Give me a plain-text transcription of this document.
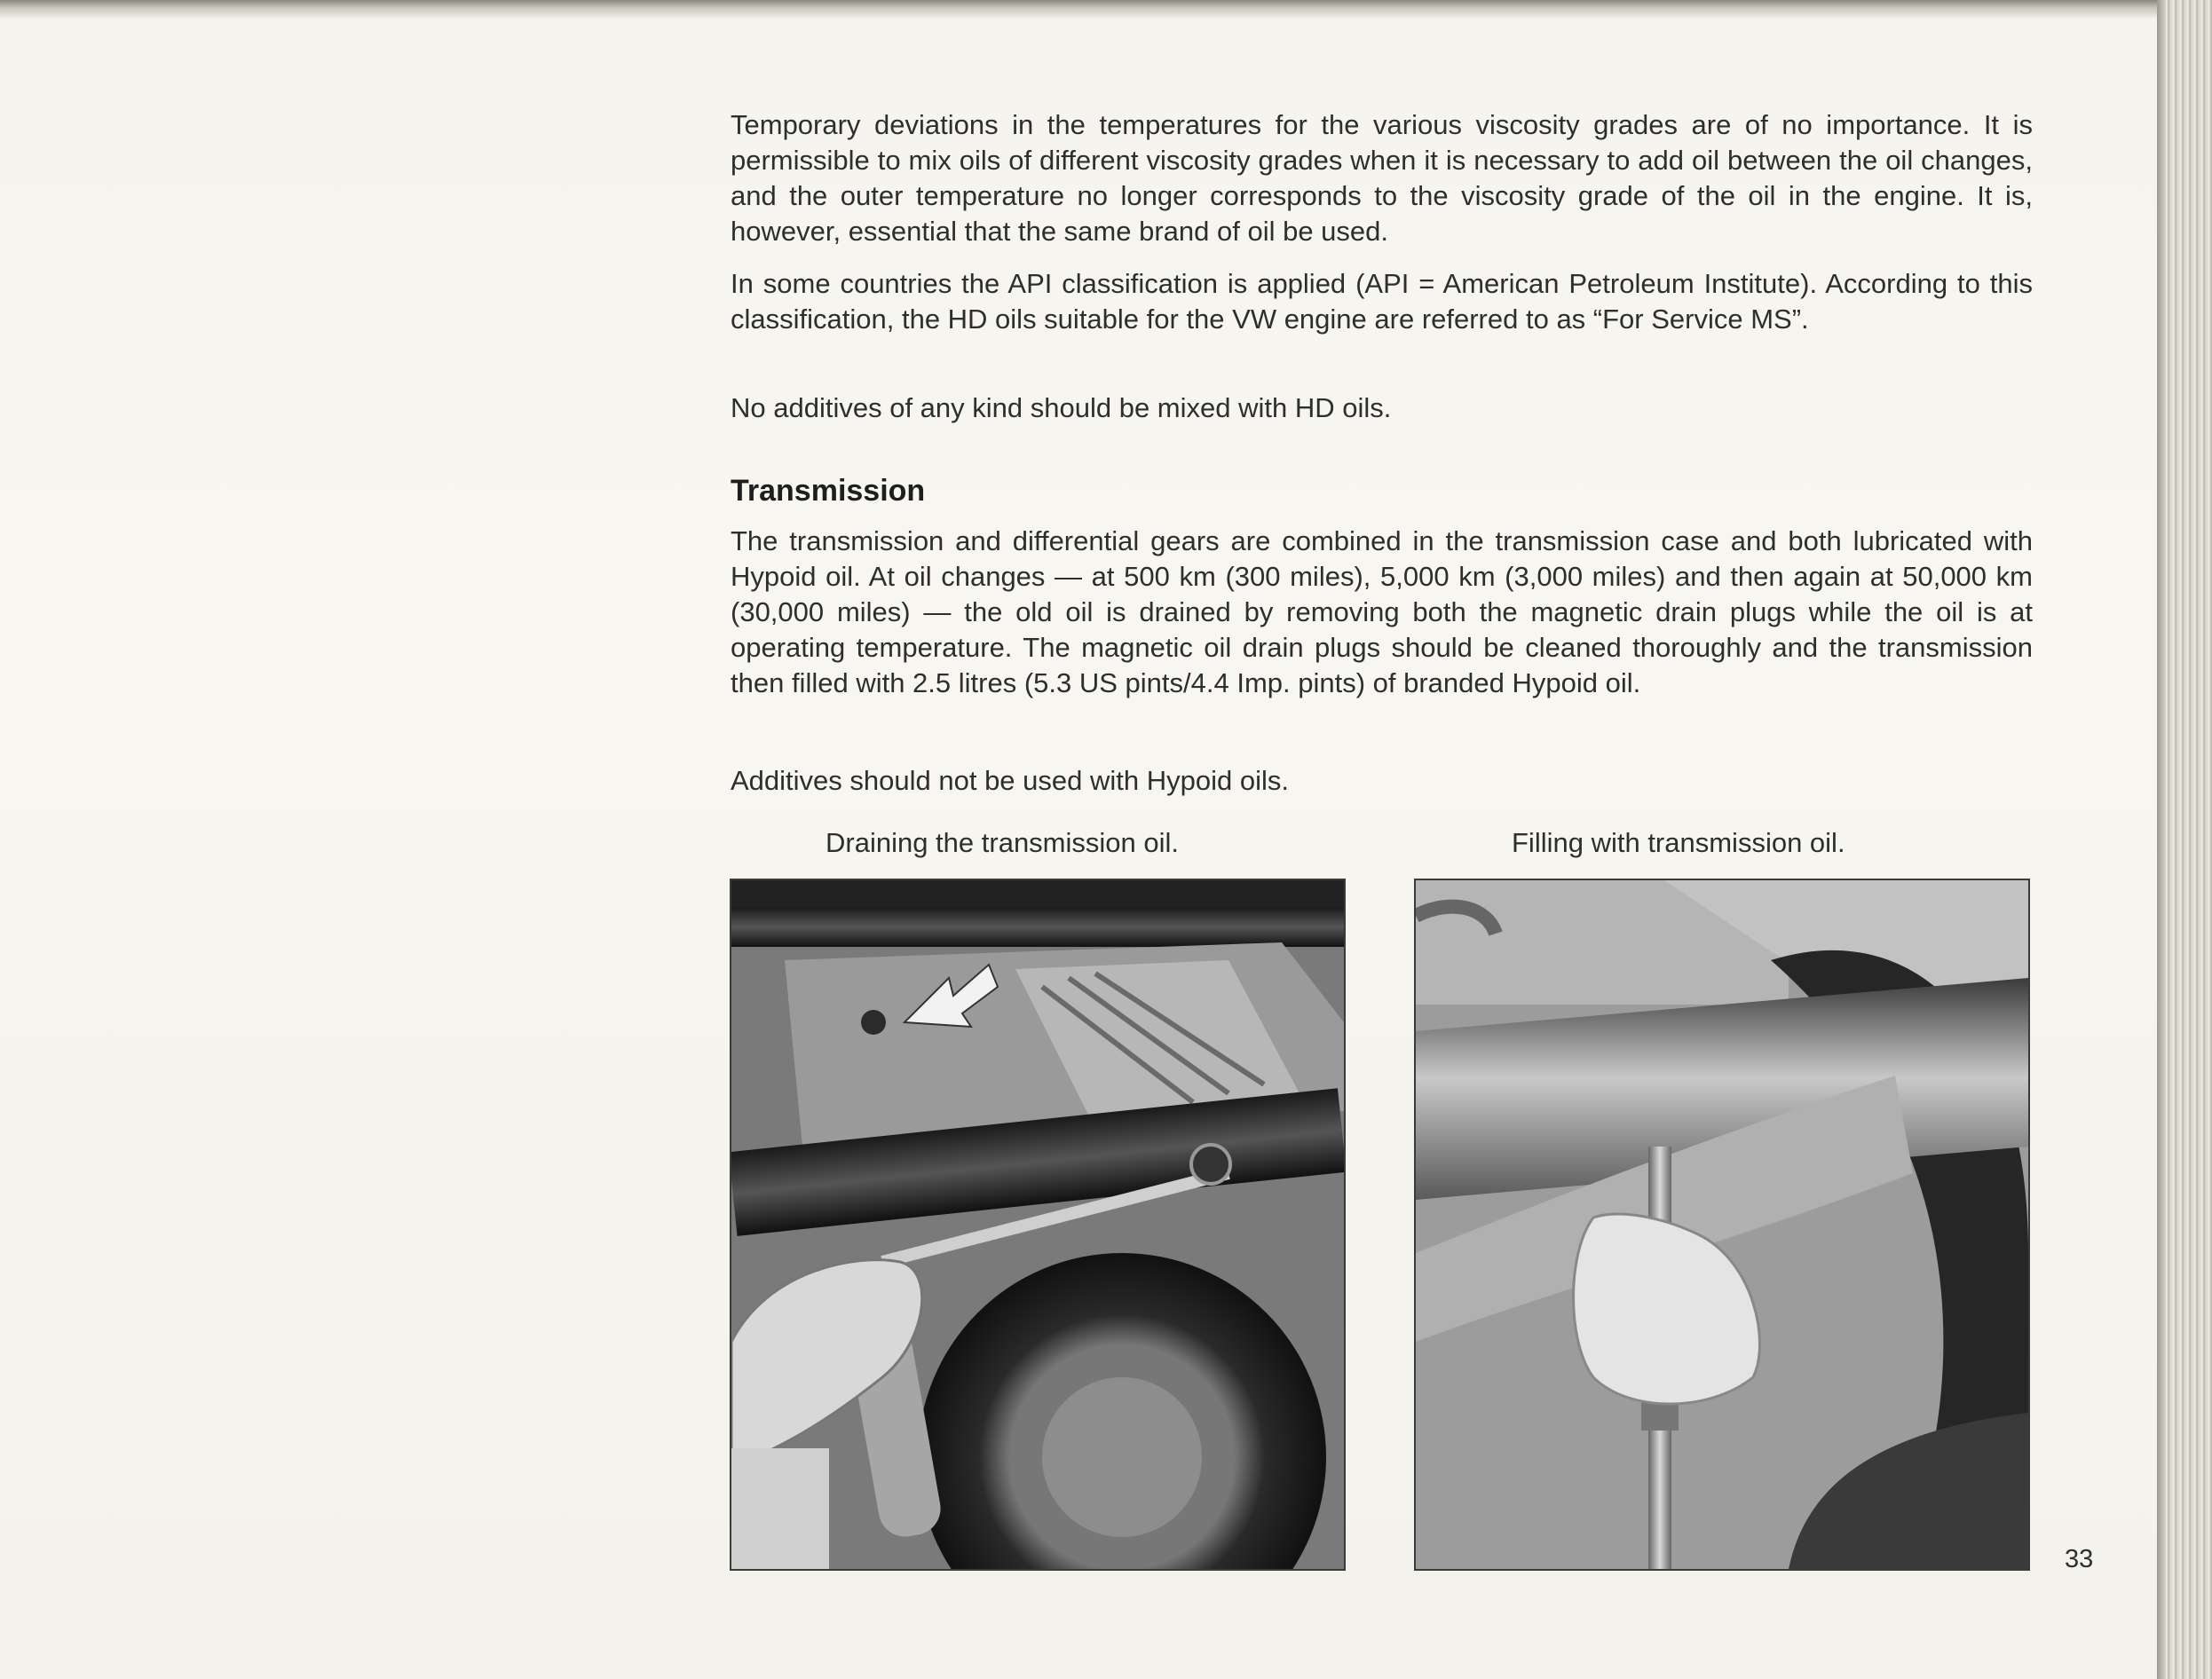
Temporary deviations in the temperatures for the various viscosity grades are of no importance. It is permissible to mix oils of different viscosity grades when it is necessary to add oil between the oil changes, and the outer temperature no longer corresponds to the viscosity grade of the oil in the engine. It is, however, essential that the same brand of oil be used.

In some countries the API classification is applied (API = American Petroleum Institute). According to this classification, the HD oils suitable for the VW engine are referred to as “For Service MS”.

No additives of any kind should be mixed with HD oils.

Transmission

The transmission and differential gears are combined in the transmission case and both lubricated with Hypoid oil. At oil changes — at 500 km (300 miles), 5,000 km (3,000 miles) and then again at 50,000 km (30,000 miles) — the old oil is drained by removing both the magnetic drain plugs while the oil is at operating temperature. The magnetic oil drain plugs should be cleaned thoroughly and the transmission then filled with 2.5 litres (5.3 US pints/4.4 Imp. pints) of branded Hypoid oil.

Additives should not be used with Hypoid oils.

Draining the transmission oil.	Filling with transmission oil.
33
